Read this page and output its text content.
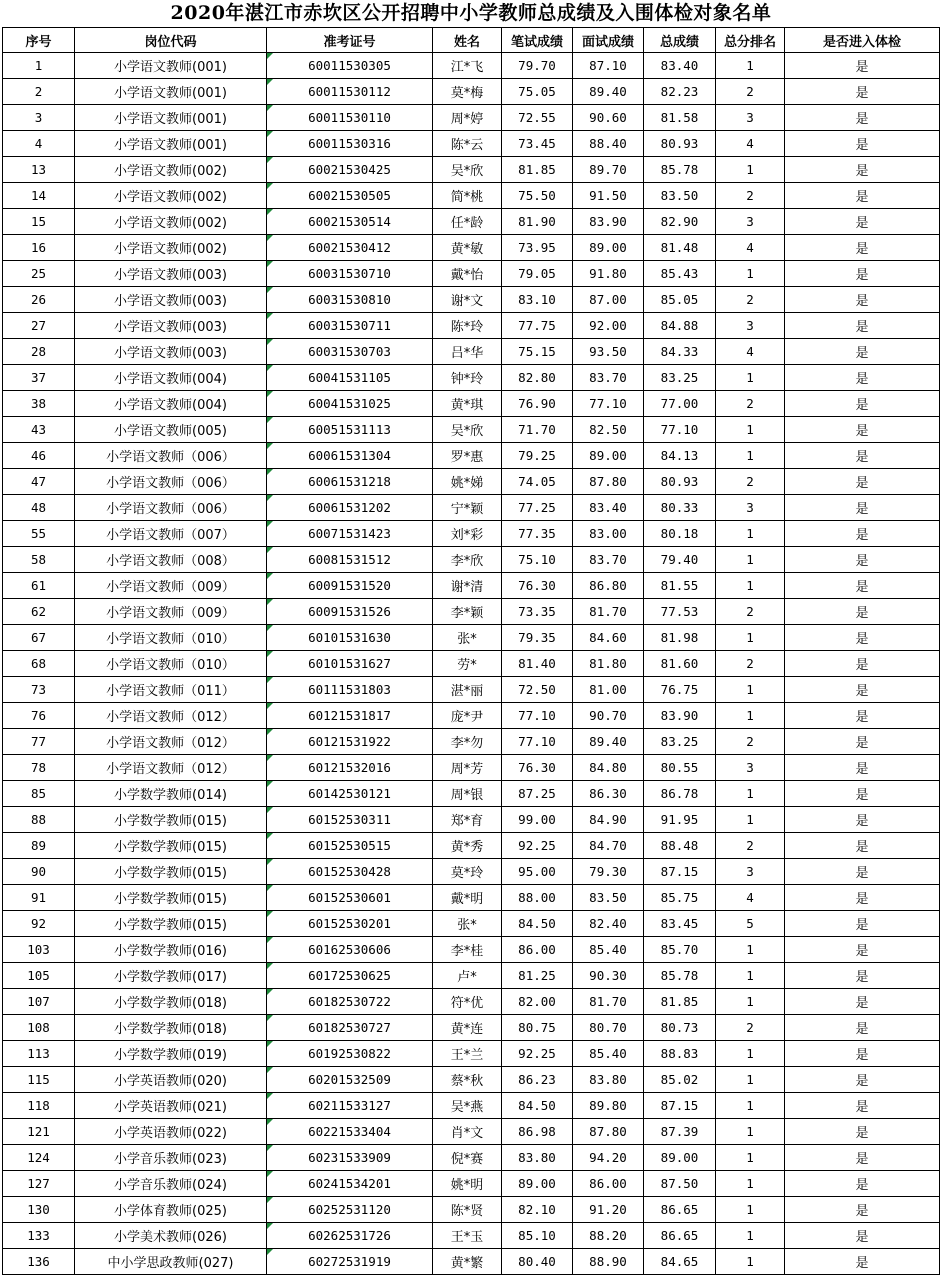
2020年湛江市赤坎区公开招聘中小学教师总成绩及入围体检对象名单
序号	岗位代码	准考证号	姓名	笔试成绩	面试成绩	总成绩	总分排名	是否进入体检
1	小学语文教师(001)	60011530305	江*飞	79.70	87.10	83.40	1	是
2	小学语文教师(001)	60011530112	莫*梅	75.05	89.40	82.23	2	是
3	小学语文教师(001)	60011530110	周*婷	72.55	90.60	81.58	3	是
4	小学语文教师(001)	60011530316	陈*云	73.45	88.40	80.93	4	是
13	小学语文教师(002)	60021530425	吴*欣	81.85	89.70	85.78	1	是
14	小学语文教师(002)	60021530505	简*桃	75.50	91.50	83.50	2	是
15	小学语文教师(002)	60021530514	任*龄	81.90	83.90	82.90	3	是
16	小学语文教师(002)	60021530412	黄*敏	73.95	89.00	81.48	4	是
25	小学语文教师(003)	60031530710	戴*怡	79.05	91.80	85.43	1	是
26	小学语文教师(003)	60031530810	谢*文	83.10	87.00	85.05	2	是
27	小学语文教师(003)	60031530711	陈*玲	77.75	92.00	84.88	3	是
28	小学语文教师(003)	60031530703	吕*华	75.15	93.50	84.33	4	是
37	小学语文教师(004)	60041531105	钟*玲	82.80	83.70	83.25	1	是
38	小学语文教师(004)	60041531025	黄*琪	76.90	77.10	77.00	2	是
43	小学语文教师(005)	60051531113	吴*欣	71.70	82.50	77.10	1	是
46	小学语文教师（006）	60061531304	罗*惠	79.25	89.00	84.13	1	是
47	小学语文教师（006）	60061531218	姚*娣	74.05	87.80	80.93	2	是
48	小学语文教师（006）	60061531202	宁*颖	77.25	83.40	80.33	3	是
55	小学语文教师（007）	60071531423	刘*彩	77.35	83.00	80.18	1	是
58	小学语文教师（008）	60081531512	李*欣	75.10	83.70	79.40	1	是
61	小学语文教师（009）	60091531520	谢*清	76.30	86.80	81.55	1	是
62	小学语文教师（009）	60091531526	李*颖	73.35	81.70	77.53	2	是
67	小学语文教师（010）	60101531630	张*	79.35	84.60	81.98	1	是
68	小学语文教师（010）	60101531627	劳*	81.40	81.80	81.60	2	是
73	小学语文教师（011）	60111531803	湛*丽	72.50	81.00	76.75	1	是
76	小学语文教师（012）	60121531817	庞*尹	77.10	90.70	83.90	1	是
77	小学语文教师（012）	60121531922	李*勿	77.10	89.40	83.25	2	是
78	小学语文教师（012）	60121532016	周*芳	76.30	84.80	80.55	3	是
85	小学数学教师(014)	60142530121	周*银	87.25	86.30	86.78	1	是
88	小学数学教师(015)	60152530311	郑*育	99.00	84.90	91.95	1	是
89	小学数学教师(015)	60152530515	黄*秀	92.25	84.70	88.48	2	是
90	小学数学教师(015)	60152530428	莫*玲	95.00	79.30	87.15	3	是
91	小学数学教师(015)	60152530601	戴*明	88.00	83.50	85.75	4	是
92	小学数学教师(015)	60152530201	张*	84.50	82.40	83.45	5	是
103	小学数学教师(016)	60162530606	李*桂	86.00	85.40	85.70	1	是
105	小学数学教师(017)	60172530625	卢*	81.25	90.30	85.78	1	是
107	小学数学教师(018)	60182530722	符*优	82.00	81.70	81.85	1	是
108	小学数学教师(018)	60182530727	黄*连	80.75	80.70	80.73	2	是
113	小学数学教师(019)	60192530822	王*兰	92.25	85.40	88.83	1	是
115	小学英语教师(020)	60201532509	蔡*秋	86.23	83.80	85.02	1	是
118	小学英语教师(021)	60211533127	吴*燕	84.50	89.80	87.15	1	是
121	小学英语教师(022)	60221533404	肖*文	86.98	87.80	87.39	1	是
124	小学音乐教师(023)	60231533909	倪*赛	83.80	94.20	89.00	1	是
127	小学音乐教师(024)	60241534201	姚*明	89.00	86.00	87.50	1	是
130	小学体育教师(025)	60252531120	陈*贤	82.10	91.20	86.65	1	是
133	小学美术教师(026)	60262531726	王*玉	85.10	88.20	86.65	1	是
136	中小学思政教师(027)	60272531919	黄*繁	80.40	88.90	84.65	1	是
